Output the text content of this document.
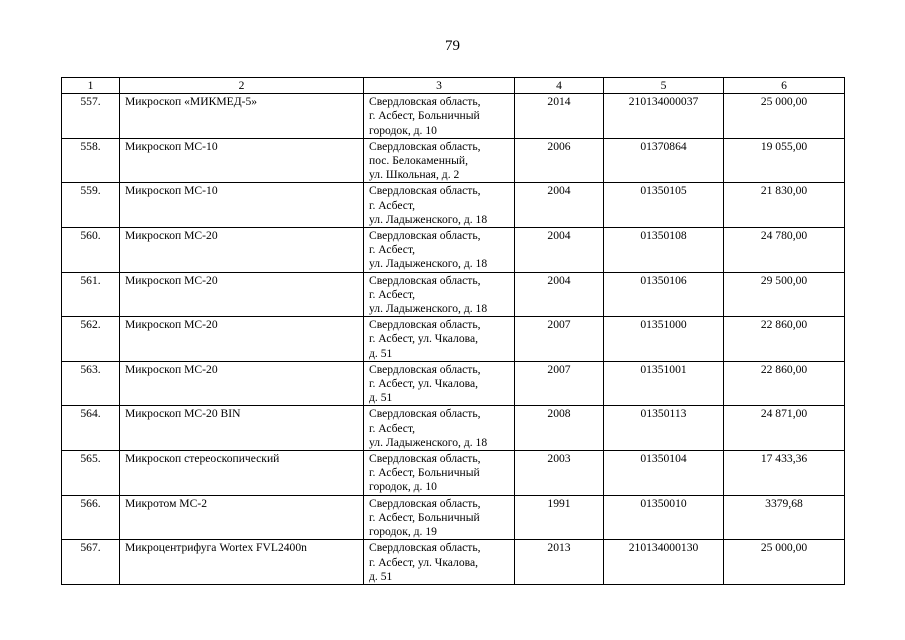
79
1	2	3	4	5	6
557.	Микроскоп «МИКМЕД-5»	Свердловская область,
г. Асбест, Больничный
городок, д. 10	2014	210134000037	25 000,00
558.	Микроскоп МС-10	Свердловская область,
пос. Белокаменный,
ул. Школьная, д. 2	2006	01370864	19 055,00
559.	Микроскоп МС-10	Свердловская область,
г. Асбест,
ул. Ладыженского, д. 18	2004	01350105	21 830,00
560.	Микроскоп МС-20	Свердловская область,
г. Асбест,
ул. Ладыженского, д. 18	2004	01350108	24 780,00
561.	Микроскоп МС-20	Свердловская область,
г. Асбест,
ул. Ладыженского, д. 18	2004	01350106	29 500,00
562.	Микроскоп МС-20	Свердловская область,
г. Асбест, ул. Чкалова,
д. 51	2007	01351000	22 860,00
563.	Микроскоп МС-20	Свердловская область,
г. Асбест, ул. Чкалова,
д. 51	2007	01351001	22 860,00
564.	Микроскоп МС-20 BIN	Свердловская область,
г. Асбест,
ул. Ладыженского, д. 18	2008	01350113	24 871,00
565.	Микроскоп стереоскопический	Свердловская область,
г. Асбест, Больничный
городок, д. 10	2003	01350104	17 433,36
566.	Микротом МС-2	Свердловская область,
г. Асбест, Больничный
городок, д. 19	1991	01350010	3379,68
567.	Микроцентрифуга Wortex FVL2400n	Свердловская область,
г. Асбест, ул. Чкалова,
д. 51	2013	210134000130	25 000,00
